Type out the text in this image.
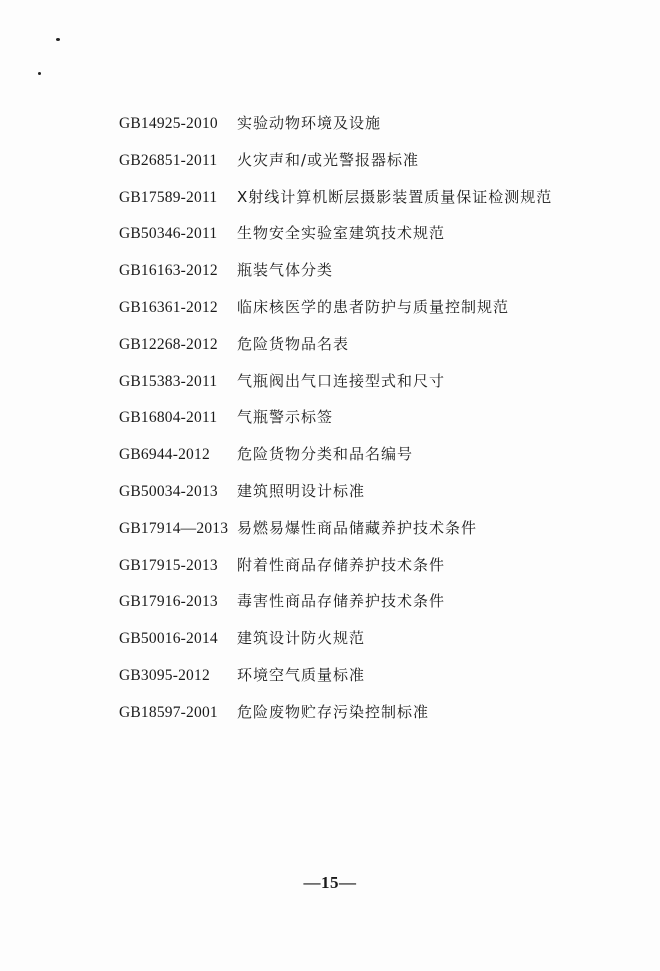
GB14925-2010	实验动物环境及设施
GB26851-2011	火灾声和/或光警报器标准
GB17589-2011	X射线计算机断层摄影装置质量保证检测规范
GB50346-2011	生物安全实验室建筑技术规范
GB16163-2012	瓶装气体分类
GB16361-2012	临床核医学的患者防护与质量控制规范
GB12268-2012	危险货物品名表
GB15383-2011	气瓶阀出气口连接型式和尺寸
GB16804-2011	气瓶警示标签
GB6944-2012	危险货物分类和品名编号
GB50034-2013	建筑照明设计标准
GB17914—2013 易燃易爆性商品储藏养护技术条件
GB17915-2013	附着性商品存储养护技术条件
GB17916-2013	毒害性商品存储养护技术条件
GB50016-2014	建筑设计防火规范
GB3095-2012	环境空气质量标准
GB18597-2001	危险废物贮存污染控制标准
—15—
